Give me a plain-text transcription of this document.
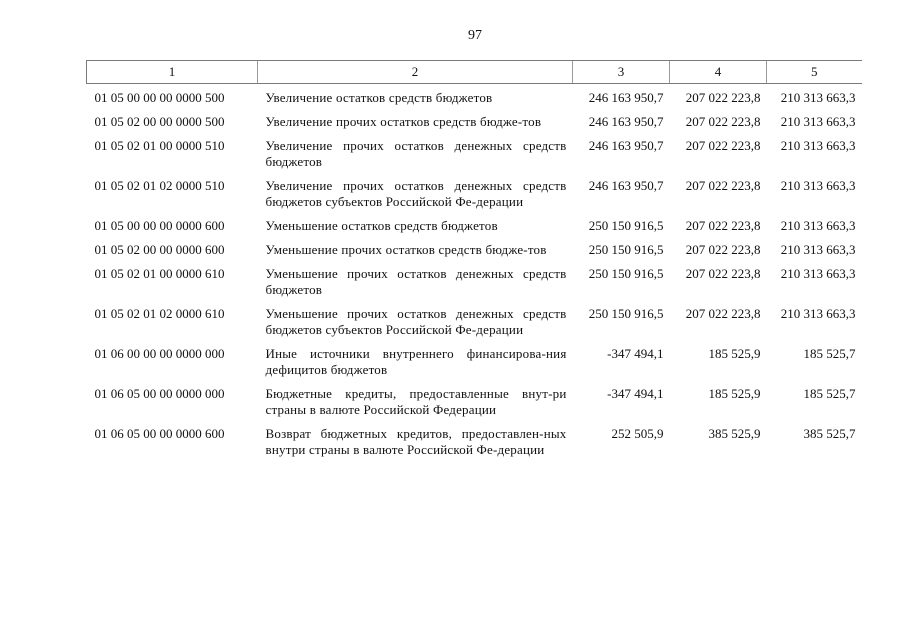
97
1	2	3	4	5
01 05 00 00 00 0000 500	Увеличение остатков средств бюджетов	246 163 950,7	207 022 223,8	210 313 663,3
01 05 02 00 00 0000 500	Увеличение прочих остатков средств бюдже-тов	246 163 950,7	207 022 223,8	210 313 663,3
01 05 02 01 00 0000 510	Увеличение прочих остатков денежных средств бюджетов	246 163 950,7	207 022 223,8	210 313 663,3
01 05 02 01 02 0000 510	Увеличение прочих остатков денежных средств бюджетов субъектов Российской Фе-дерации	246 163 950,7	207 022 223,8	210 313 663,3
01 05 00 00 00 0000 600	Уменьшение остатков средств бюджетов	250 150 916,5	207 022 223,8	210 313 663,3
01 05 02 00 00 0000 600	Уменьшение прочих остатков средств бюдже-тов	250 150 916,5	207 022 223,8	210 313 663,3
01 05 02 01 00 0000 610	Уменьшение прочих остатков денежных средств бюджетов	250 150 916,5	207 022 223,8	210 313 663,3
01 05 02 01 02 0000 610	Уменьшение прочих остатков денежных средств бюджетов субъектов Российской Фе-дерации	250 150 916,5	207 022 223,8	210 313 663,3
01 06 00 00 00 0000 000	Иные источники внутреннего финансирова-ния дефицитов бюджетов	-347 494,1	185 525,9	185 525,7
01 06 05 00 00 0000 000	Бюджетные кредиты, предоставленные внут-ри страны в валюте Российской Федерации	-347 494,1	185 525,9	185 525,7
01 06 05 00 00 0000 600	Возврат бюджетных кредитов, предоставлен-ных внутри страны в валюте Российской Фе-дерации	252 505,9	385 525,9	385 525,7
